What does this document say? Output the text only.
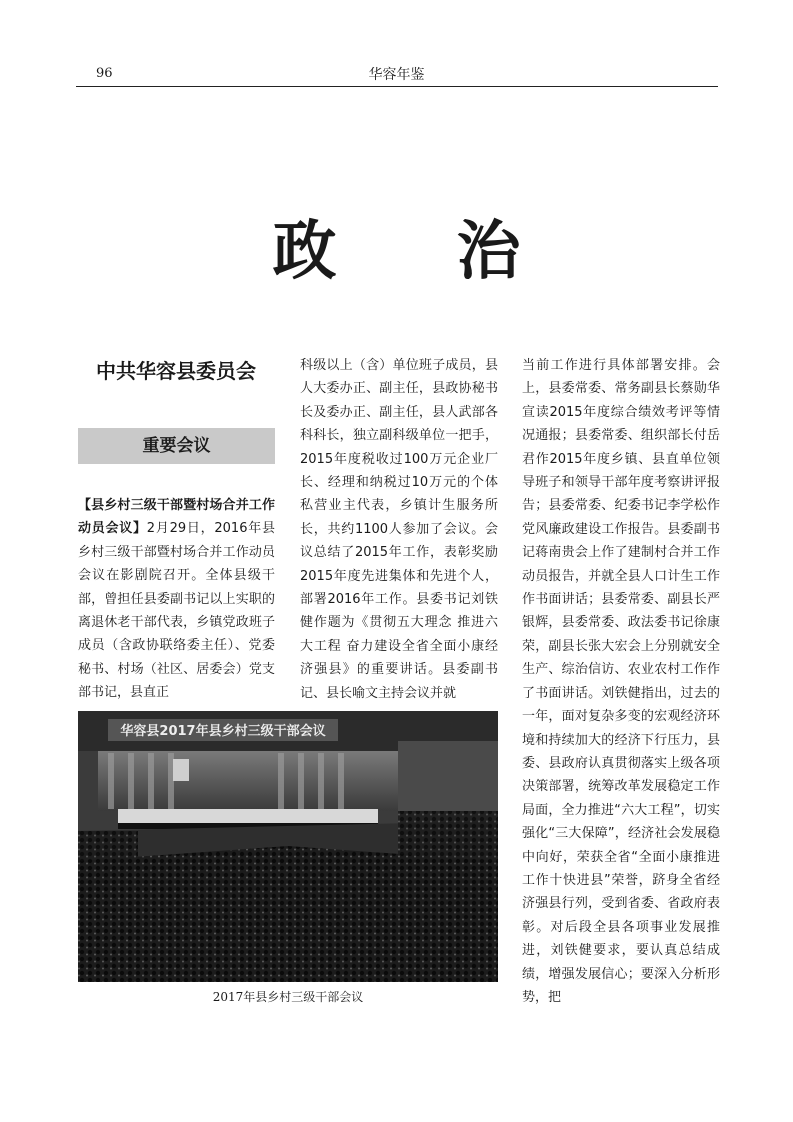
96	华容年鉴
政治
中共华容县委员会
重要会议

【县乡村三级干部暨村场合并工作动员会议】2月29日，2016年县乡村三级干部暨村场合并工作动员会议在影剧院召开。全体县级干部，曾担任县委副书记以上实职的离退休老干部代表，乡镇党政班子成员（含政协联络委主任）、党委秘书、村场（社区、居委会）党支部书记，县直正

科级以上（含）单位班子成员，县人大委办正、副主任，县政协秘书长及委办正、副主任，县人武部各科科长，独立副科级单位一把手，2015年度税收过100万元企业厂长、经理和纳税过10万元的个体私营业主代表，乡镇计生服务所长，共约1100人参加了会议。会议总结了2015年工作，表彰奖励2015年度先进集体和先进个人，部署2016年工作。县委书记刘铁健作题为《贯彻五大理念 推进六大工程 奋力建设全省全面小康经济强县》的重要讲话。县委副书记、县长喻文主持会议并就

当前工作进行具体部署安排。会上，县委常委、常务副县长蔡勋华宣读2015年度综合绩效考评等情况通报；县委常委、组织部长付岳君作2015年度乡镇、县直单位领导班子和领导干部年度考察讲评报告；县委常委、纪委书记李学松作党风廉政建设工作报告。县委副书记蒋南贵会上作了建制村合并工作动员报告，并就全县人口计生工作作书面讲话；县委常委、副县长严银辉，县委常委、政法委书记徐康荣，副县长张大宏会上分别就安全生产、综治信访、农业农村工作作了书面讲话。刘铁健指出，过去的一年，面对复杂多变的宏观经济环境和持续加大的经济下行压力，县委、县政府认真贯彻落实上级各项决策部署，统筹改革发展稳定工作局面，全力推进“六大工程”，切实强化“三大保障”，经济社会发展稳中向好，荣获全省“全面小康推进工作十快进县”荣誉，跻身全省经济强县行列，受到省委、省政府表彰。对后段全县各项事业发展推进，刘铁健要求，要认真总结成绩，增强发展信心；要深入分析形势，把

华容县2017年县乡村三级干部会议
2017年县乡村三级干部会议
